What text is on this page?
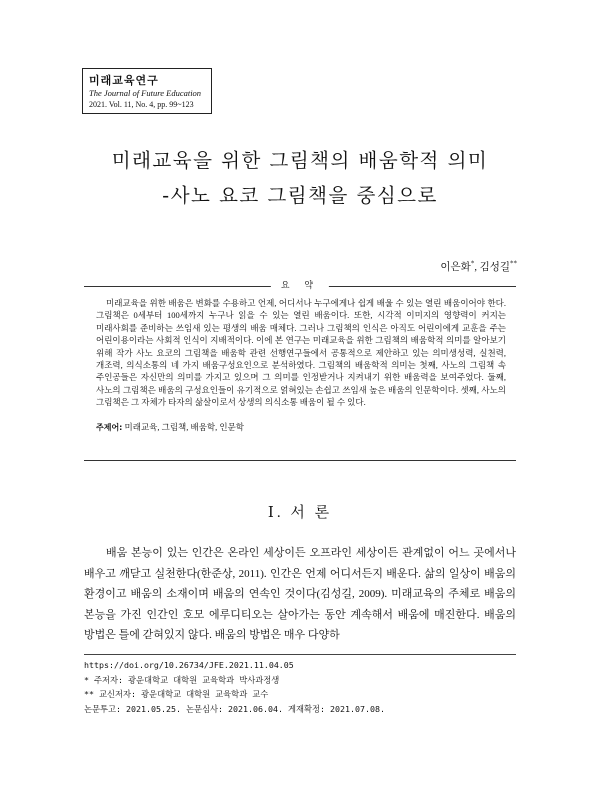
미래교육연구
The Journal of Future Education
2021. Vol. 11, No. 4, pp. 99~123
미래교육을 위한 그림책의 배움학적 의미
-사노 요코 그림책을 중심으로
이은화*, 김성길**
요 약
미래교육을 위한 배움은 변화를 수용하고 언제, 어디서나 누구에게나 쉽게 배울 수 있는 열린 배움이어야 한다. 그림책은 0세부터 100세까지 누구나 읽을 수 있는 열린 배움이다. 또한, 시각적 이미지의 영향력이 커지는 미래사회를 준비하는 쓰임새 있는 평생의 배움 매체다. 그러나 그림책의 인식은 아직도 어린이에게 교훈을 주는 어린이용이라는 사회적 인식이 지배적이다. 이에 본 연구는 미래교육을 위한 그림책의 배움학적 의미를 알아보기 위해 작가 사노 요코의 그림책을 배움학 관련 선행연구들에서 공통적으로 제안하고 있는 의미생성력, 실천력, 개조력, 의식소통의 네 가지 배움구성요인으로 분석하였다. 그림책의 배움학적 의미는 첫째, 사노의 그림책 속 주인공들은 자신만의 의미를 가지고 있으며 그 의미를 인정받거나 지켜내기 위한 배움력을 보여주었다. 둘째, 사노의 그림책은 배움의 구성요인들이 유기적으로 얽혀있는 손쉽고 쓰임새 높은 배움의 인문학이다. 셋째, 사노의 그림책은 그 자체가 타자의 삶살이로서 상생의 의식소통 배움이 될 수 있다.
주제어: 미래교육, 그림책, 배움학, 인문학
Ⅰ. 서 론

배움 본능이 있는 인간은 온라인 세상이든 오프라인 세상이든 관계없이 어느 곳에서나 배우고 깨닫고 실천한다(한준상, 2011). 인간은 언제 어디서든지 배운다. 삶의 일상이 배움의 환경이고 배움의 소재이며 배움의 연속인 것이다(김성길, 2009). 미래교육의 주체로 배움의 본능을 가진 인간인 호모 에루디티오는 살아가는 동안 계속해서 배움에 매진한다. 배움의 방법은 틀에 갇혀있지 않다. 배움의 방법은 매우 다양하

https://doi.org/10.26734/JFE.2021.11.04.05
* 주저자: 광운대학교 대학원 교육학과 박사과정생
** 교신저자: 광운대학교 대학원 교육학과 교수
논문투고: 2021.05.25. 논문심사: 2021.06.04. 게재확정: 2021.07.08.
